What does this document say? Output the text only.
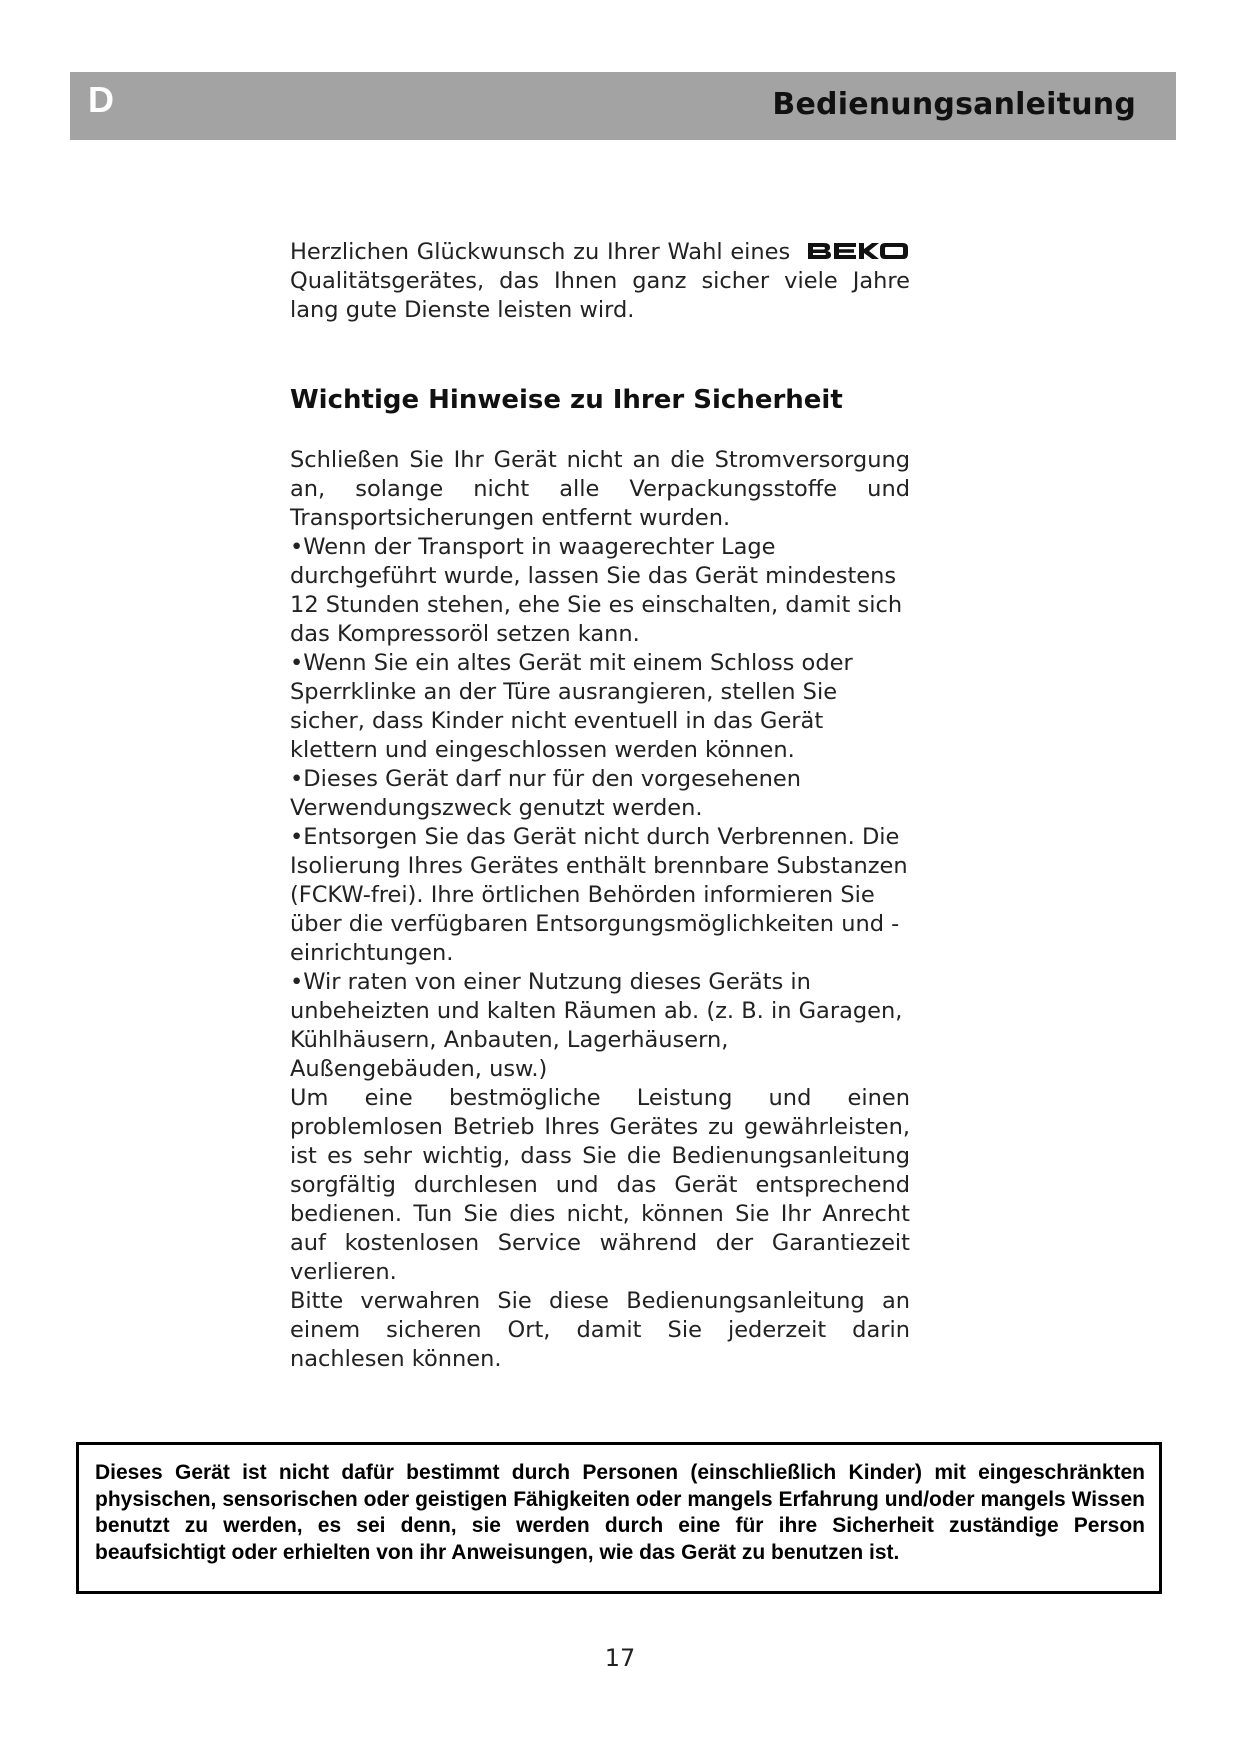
D	Bedienungsanleitung

Herzlichen Glückwunsch zu Ihrer Wahl eines  Qualitätsgerätes, das Ihnen ganz sicher viele Jahre lang gute Dienste leisten wird.

Wichtige Hinweise zu Ihrer Sicherheit

Schließen Sie Ihr Gerät nicht an die Stromversorgung an, solange nicht alle Verpackungsstoffe und Transportsicherungen entfernt wurden.

•Wenn der Transport in waagerechter Lage durchgeführt wurde, lassen Sie das Gerät mindestens 12 Stunden stehen, ehe Sie es einschalten, damit sich das Kompressoröl setzen kann.

•Wenn Sie ein altes Gerät mit einem Schloss oder Sperrklinke an der Türe ausrangieren, stellen Sie sicher, dass Kinder nicht eventuell in das Gerät klettern und eingeschlossen werden können.

•Dieses Gerät darf nur für den vorgesehenen Verwendungszweck genutzt werden.

•Entsorgen Sie das Gerät nicht durch Verbrennen. Die Isolierung Ihres Gerätes enthält brennbare Substanzen (FCKW-frei). Ihre örtlichen Behörden informieren Sie über die verfügbaren Entsorgungsmöglichkeiten und -einrichtungen.

•Wir raten von einer Nutzung dieses Geräts in unbeheizten und kalten Räumen ab. (z. B. in Garagen, Kühlhäusern, Anbauten, Lagerhäusern, Außengebäuden, usw.)

Um eine bestmögliche Leistung und einen problemlosen Betrieb Ihres Gerätes zu gewährleisten, ist es sehr wichtig, dass Sie die Bedienungsanleitung sorgfältig durchlesen und das Gerät entsprechend bedienen. Tun Sie dies nicht, können Sie Ihr Anrecht auf kostenlosen Service während der Garantiezeit verlieren.

Bitte verwahren Sie diese Bedienungsanleitung an einem sicheren Ort, damit Sie jederzeit darin nachlesen können.

Dieses Gerät ist nicht dafür bestimmt durch Personen (einschließlich Kinder) mit eingeschränkten physischen, sensorischen oder geistigen Fähigkeiten oder mangels Erfahrung und/oder mangels Wissen benutzt zu werden, es sei denn, sie werden durch eine für ihre Sicherheit zuständige Person beaufsichtigt oder erhielten von ihr Anweisungen, wie das Gerät zu benutzen ist.
17
